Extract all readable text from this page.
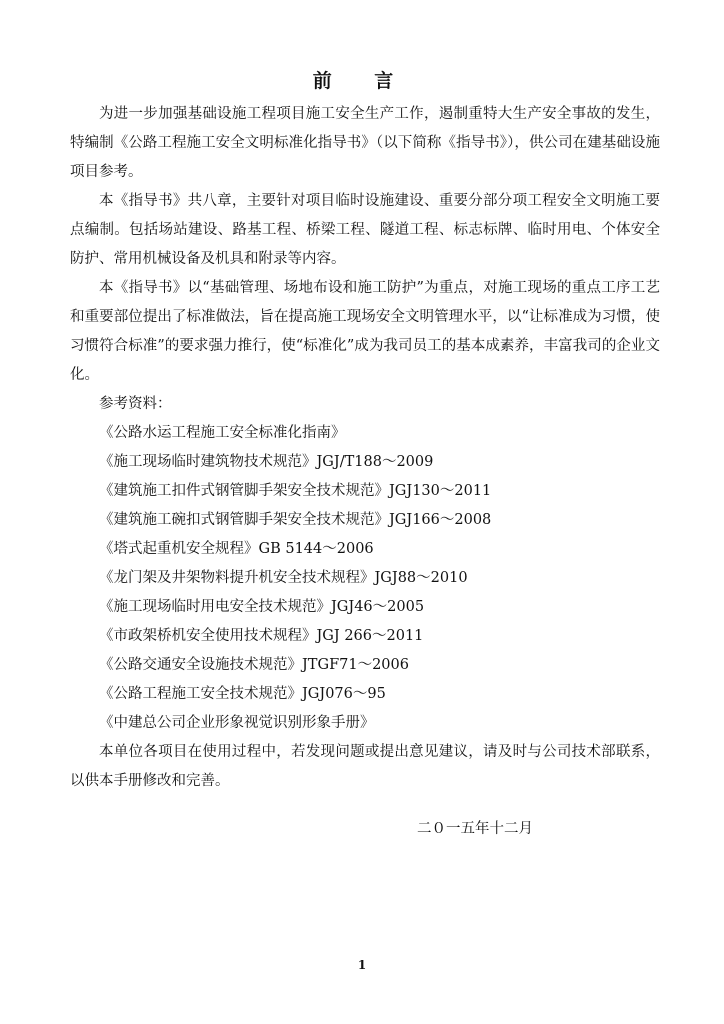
前 言

为进一步加强基础设施工程项目施工安全生产工作，遏制重特大生产安全事故的发生，特编制《公路工程施工安全文明标准化指导书》（以下简称《指导书》），供公司在建基础设施项目参考。

本《指导书》共八章，主要针对项目临时设施建设、重要分部分项工程安全文明施工要点编制。包括场站建设、路基工程、桥梁工程、隧道工程、标志标牌、临时用电、个体安全防护、常用机械设备及机具和附录等内容。

本《指导书》以“基础管理、场地布设和施工防护”为重点，对施工现场的重点工序工艺和重要部位提出了标准做法，旨在提高施工现场安全文明管理水平，以“让标准成为习惯，使习惯符合标准”的要求强力推行，使“标准化”成为我司员工的基本成素养，丰富我司的企业文化。

参考资料：

《公路水运工程施工安全标准化指南》
《施工现场临时建筑物技术规范》JGJ/T188～2009
《建筑施工扣件式钢管脚手架安全技术规范》JGJ130～2011
《建筑施工碗扣式钢管脚手架安全技术规范》JGJ166～2008
《塔式起重机安全规程》GB 5144～2006
《龙门架及井架物料提升机安全技术规程》JGJ88～2010
《施工现场临时用电安全技术规范》JGJ46～2005
《市政架桥机安全使用技术规程》JGJ 266～2011
《公路交通安全设施技术规范》JTGF71～2006
《公路工程施工安全技术规范》JGJ076～95
《中建总公司企业形象视觉识别形象手册》

本单位各项目在使用过程中，若发现问题或提出意见建议，请及时与公司技术部联系，以供本手册修改和完善。

二０一五年十二月
1
